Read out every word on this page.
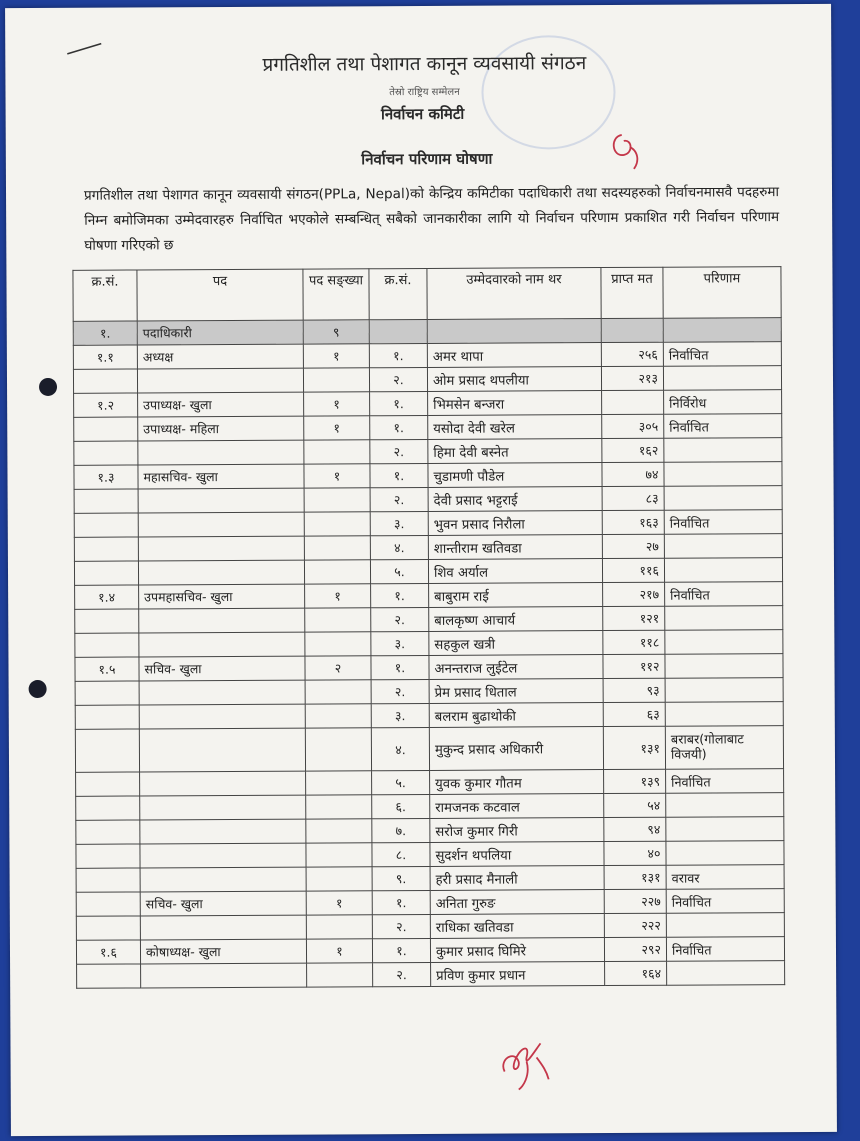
प्रगतिशील तथा पेशागत कानून व्यवसायी संगठन
तेस्रो राष्ट्रिय सम्मेलन
निर्वाचन कमिटी
निर्वाचन परिणाम घोषणा
प्रगतिशील तथा पेशागत कानून व्यवसायी संगठन(PPLa, Nepal)को केन्द्रिय कमिटीका पदाधिकारी तथा सदस्यहरुको निर्वाचनमासवै पदहरुमा निम्न बमोजिमका उम्मेदवारहरु निर्वाचित भएकोले सम्बन्धित् सबैको जानकारीका लागि यो निर्वाचन परिणाम प्रकाशित गरी निर्वाचन परिणाम घोषणा गरिएको छ
क्र.सं.	पद	पद सङ्ख्या	क्र.सं.	उम्मेदवारको नाम थर	प्राप्त मत	परिणाम
१.	पदाधिकारी	९				
१.१	अध्यक्ष	१	१.	अमर थापा	२५६	निर्वाचित
			२.	ओम प्रसाद थपलीया	२१३	
१.२	उपाध्यक्ष- खुला	१	१.	भिमसेन बन्जरा		निर्विरोध
	उपाध्यक्ष- महिला	१	१.	यसोदा देवी खरेल	३०५	निर्वाचित
			२.	हिमा देवी बस्नेत	१६२	
१.३	महासचिव- खुला	१	१.	चुडामणी पौडेल	७४	
			२.	देवी प्रसाद भट्टराई	८३	
			३.	भुवन प्रसाद निरौला	१६३	निर्वाचित
			४.	शान्तीराम खतिवडा	२७	
			५.	शिव अर्याल	११६	
१.४	उपमहासचिव- खुला	१	१.	बाबुराम राई	२१७	निर्वाचित
			२.	बालकृष्ण आचार्य	१२१	
			३.	सहकुल खत्री	११८	
१.५	सचिव- खुला	२	१.	अनन्तराज लुईटेल	११२	
			२.	प्रेम प्रसाद धिताल	९३	
			३.	बलराम बुढाथोकी	६३	
			४.	मुकुन्द प्रसाद अधिकारी	१३१	बराबर(गोलाबाट विजयी)
			५.	युवक कुमार गौतम	१३९	निर्वाचित
			६.	रामजनक कटवाल	५४	
			७.	सरोज कुमार गिरी	९४	
			८.	सुदर्शन थपलिया	४०	
			९.	हरी प्रसाद मैनाली	१३१	वरावर
	सचिव- खुला	१	१.	अनिता गुरुङ	२२७	निर्वाचित
			२.	राधिका खतिवडा	२२२	
१.६	कोषाध्यक्ष- खुला	१	१.	कुमार प्रसाद घिमिरे	२९२	निर्वाचित
			२.	प्रविण कुमार प्रधान	१६४	
